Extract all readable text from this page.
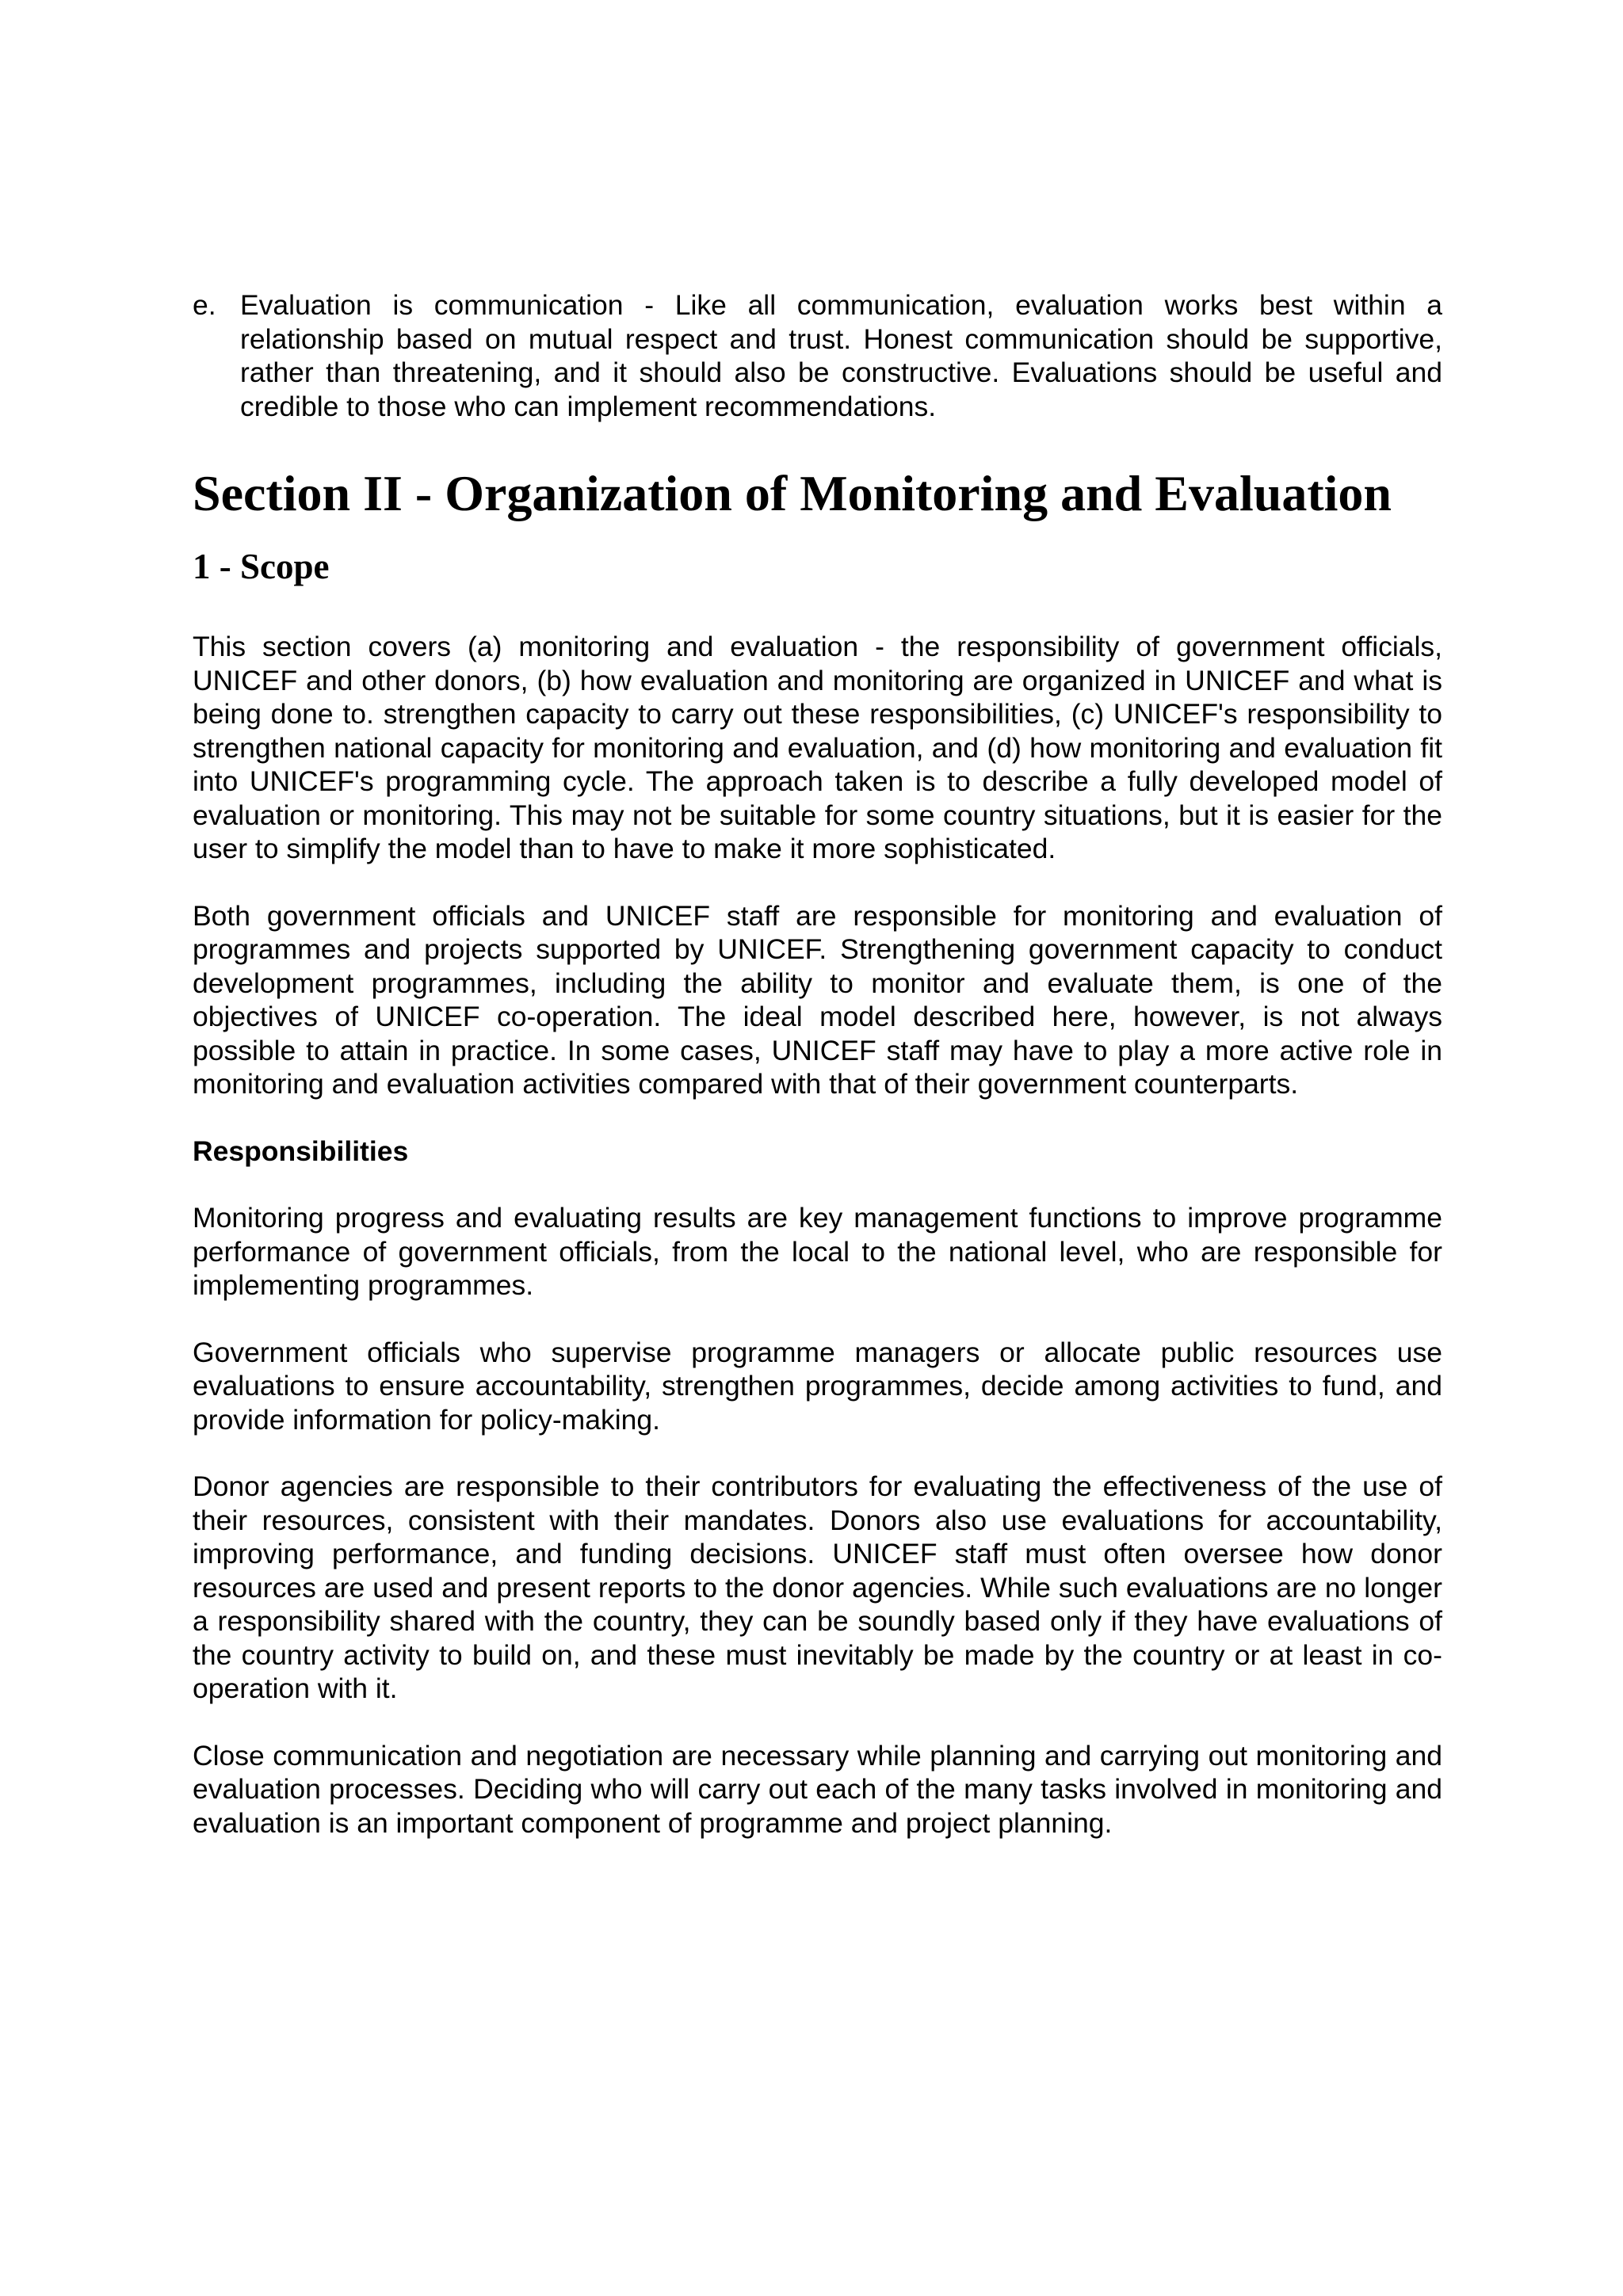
e. Evaluation is communication - Like all communication, evaluation works best within a relationship based on mutual respect and trust. Honest communication should be supportive, rather than threatening, and it should also be constructive. Evaluations should be useful and credible to those who can implement recommendations.
Section II - Organization of Monitoring and Evaluation
1 - Scope

This section covers (a) monitoring and evaluation - the responsibility of government officials, UNICEF and other donors, (b) how evaluation and monitoring are organized in UNICEF and what is being done to. strengthen capacity to carry out these responsibilities, (c) UNICEF's responsibility to strengthen national capacity for monitoring and evaluation, and (d) how monitoring and evaluation fit into UNICEF's programming cycle. The approach taken is to describe a fully developed model of evaluation or monitoring. This may not be suitable for some country situations, but it is easier for the user to simplify the model than to have to make it more sophisticated.

Both government officials and UNICEF staff are responsible for monitoring and evaluation of programmes and projects supported by UNICEF. Strengthening government capacity to conduct development programmes, including the ability to monitor and evaluate them, is one of the objectives of UNICEF co-operation. The ideal model described here, however, is not always possible to attain in practice. In some cases, UNICEF staff may have to play a more active role in monitoring and evaluation activities compared with that of their government counterparts.

Responsibilities

Monitoring progress and evaluating results are key management functions to improve programme performance of government officials, from the local to the national level, who are responsible for implementing programmes.

Government officials who supervise programme managers or allocate public resources use evaluations to ensure accountability, strengthen programmes, decide among activities to fund, and provide information for policy-making.

Donor agencies are responsible to their contributors for evaluating the effectiveness of the use of their resources, consistent with their mandates. Donors also use evaluations for accountability, improving performance, and funding decisions. UNICEF staff must often oversee how donor resources are used and present reports to the donor agencies. While such evaluations are no longer a responsibility shared with the country, they can be soundly based only if they have evaluations of the country activity to build on, and these must inevitably be made by the country or at least in co-operation with it.

Close communication and negotiation are necessary while planning and carrying out monitoring and evaluation processes. Deciding who will carry out each of the many tasks involved in monitoring and evaluation is an important component of programme and project planning.
